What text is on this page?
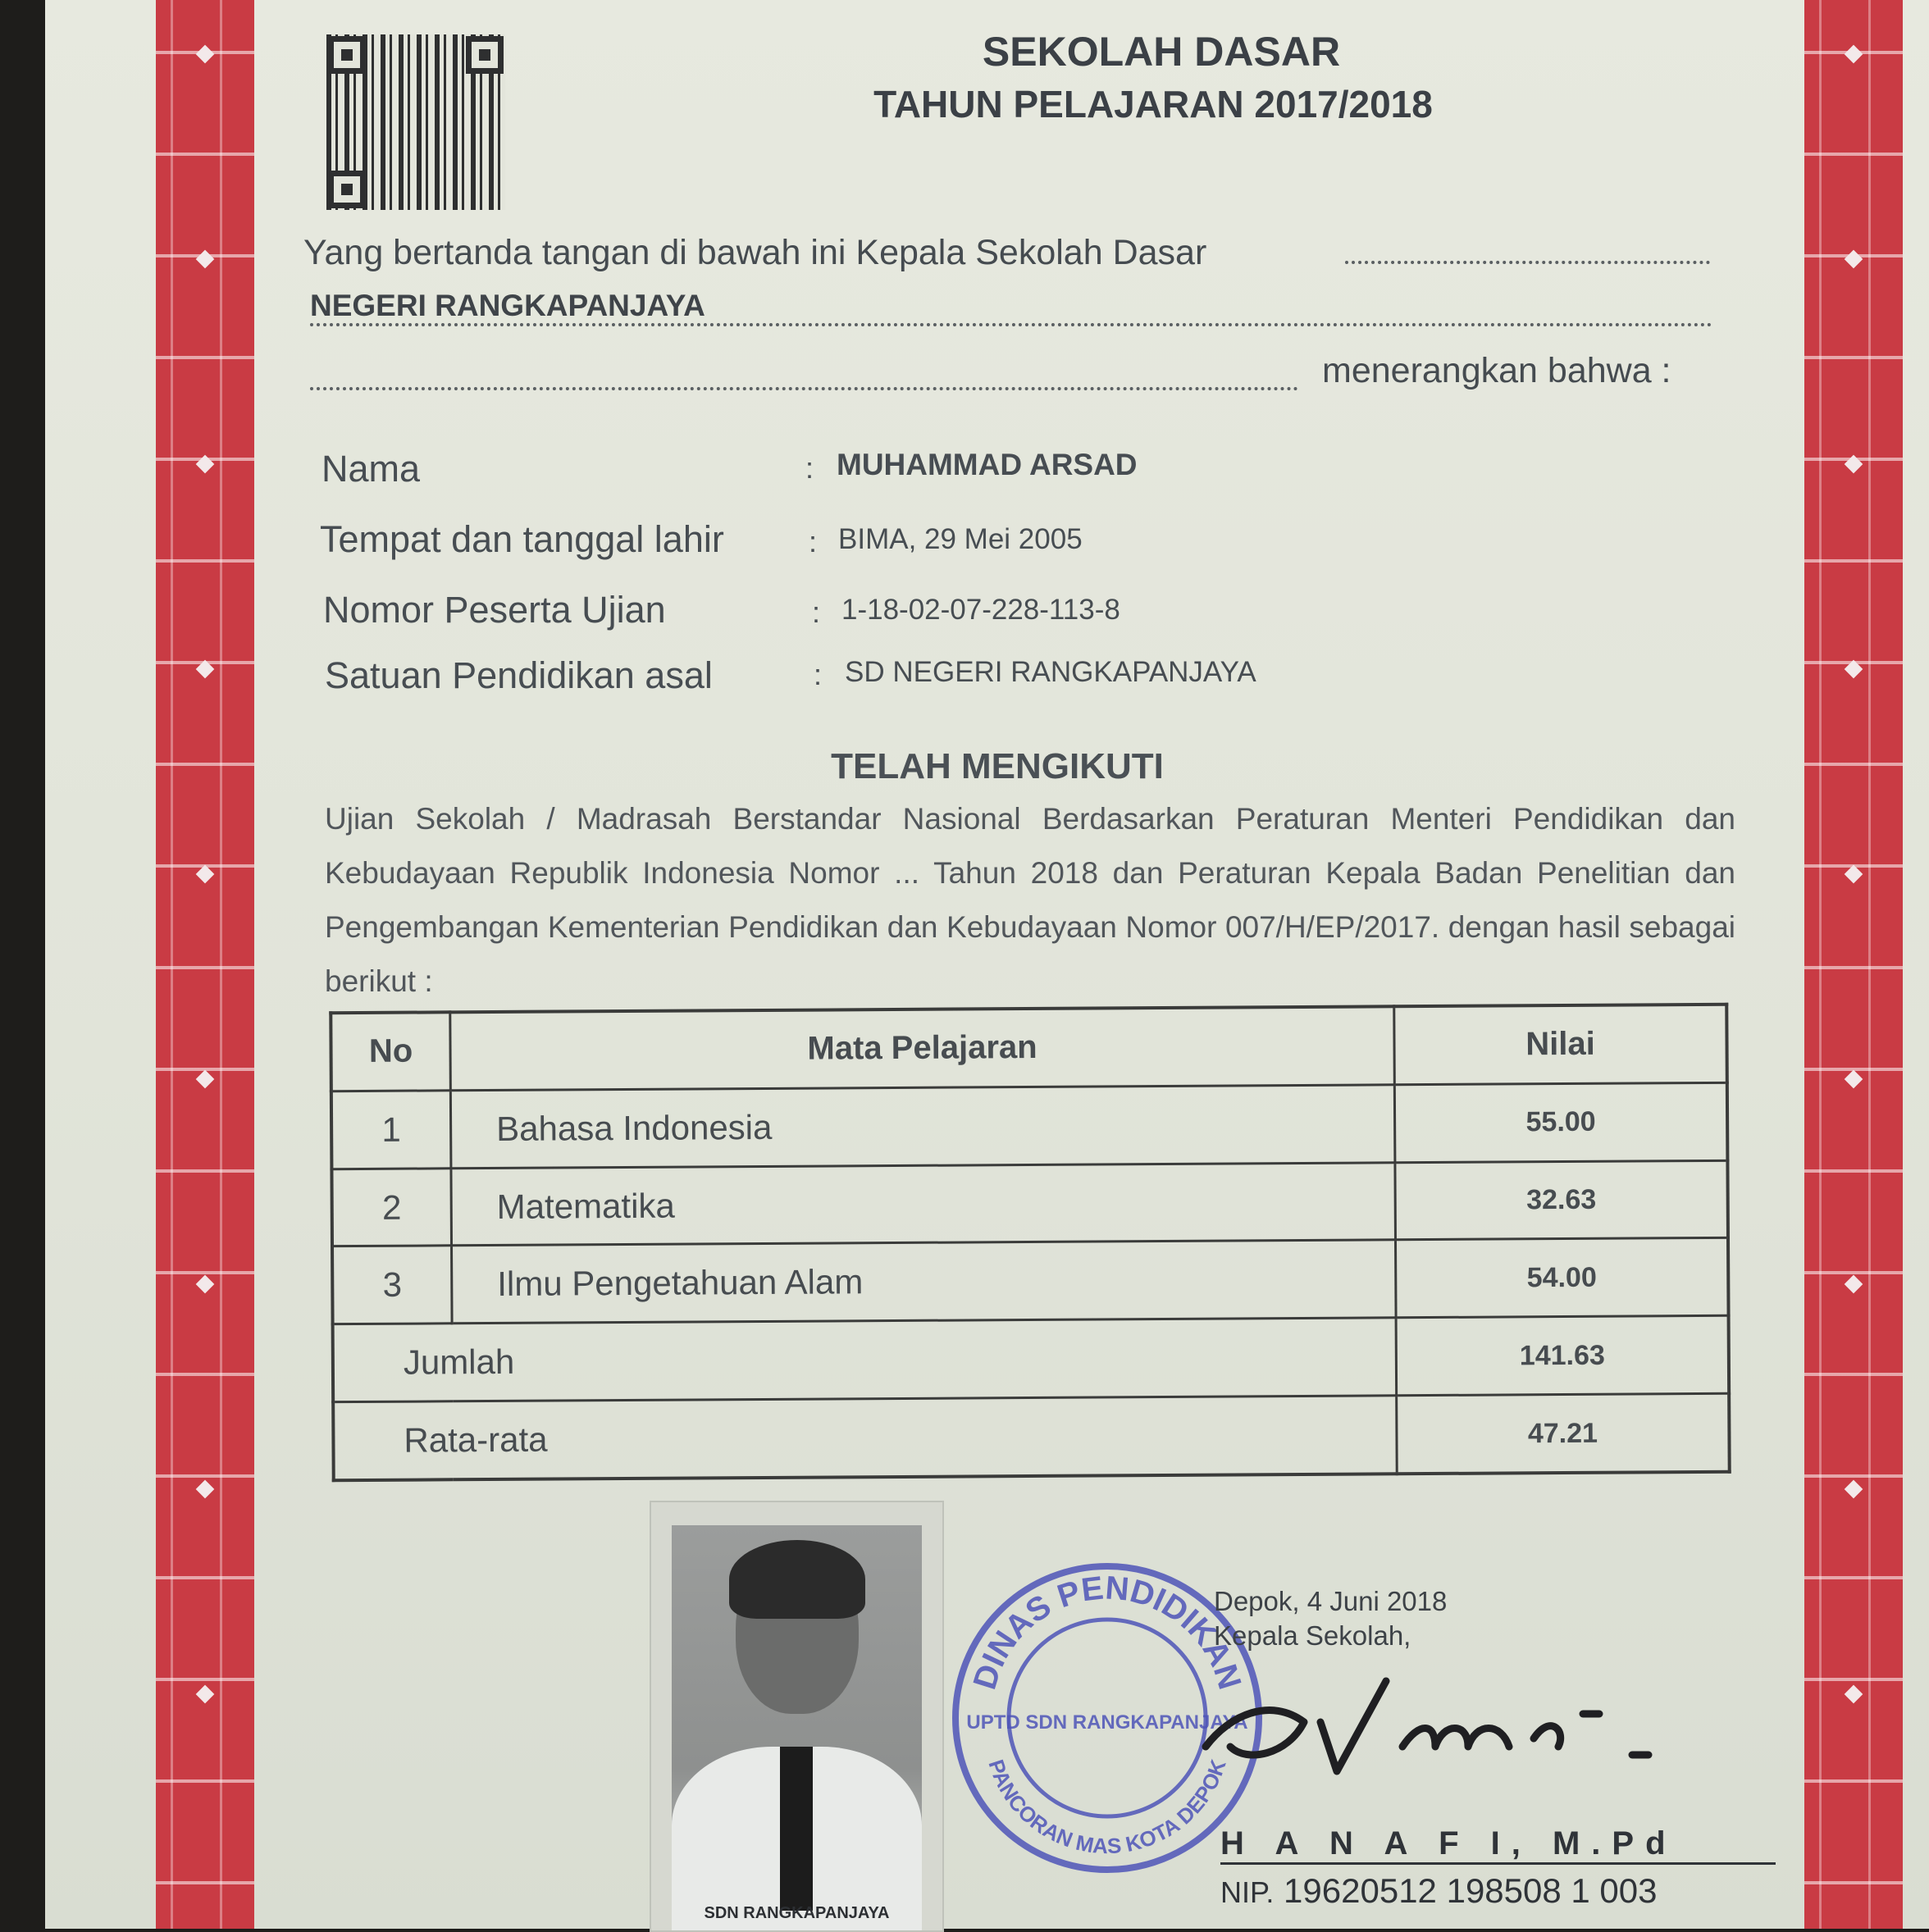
SEKOLAH DASAR
TAHUN PELAJARAN 2017/2018
Yang bertanda tangan di bawah ini Kepala Sekolah Dasar
NEGERI RANGKAPANJAYA
menerangkan bahwa :
Nama	: MUHAMMAD ARSAD
Tempat dan tanggal lahir	: BIMA, 29 Mei 2005
Nomor Peserta Ujian	: 1-18-02-07-228-113-8
Satuan Pendidikan asal	: SD NEGERI RANGKAPANJAYA
TELAH MENGIKUTI
Ujian Sekolah / Madrasah Berstandar Nasional Berdasarkan Peraturan Menteri Pendidikan dan Kebudayaan Republik Indonesia Nomor ... Tahun 2018 dan Peraturan Kepala Badan Penelitian dan Pengembangan Kementerian Pendidikan dan Kebudayaan Nomor 007/H/EP/2017. dengan hasil sebagai berikut :
No	Mata Pelajaran	Nilai
1	Bahasa Indonesia	55.00
2	Matematika	32.63
3	Ilmu Pengetahuan Alam	54.00
Jumlah		141.63
Rata-rata		47.21
SDN RANGKAPANJAYA
DINAS PENDIDIKAN
UPTD SDN RANGKAPANJAYA
PANCORAN MAS KOTA DEPOK
Depok, 4 Juni 2018
Kepala Sekolah,
H A N A F I, M.Pd
NIP. 19620512 198508 1 003
